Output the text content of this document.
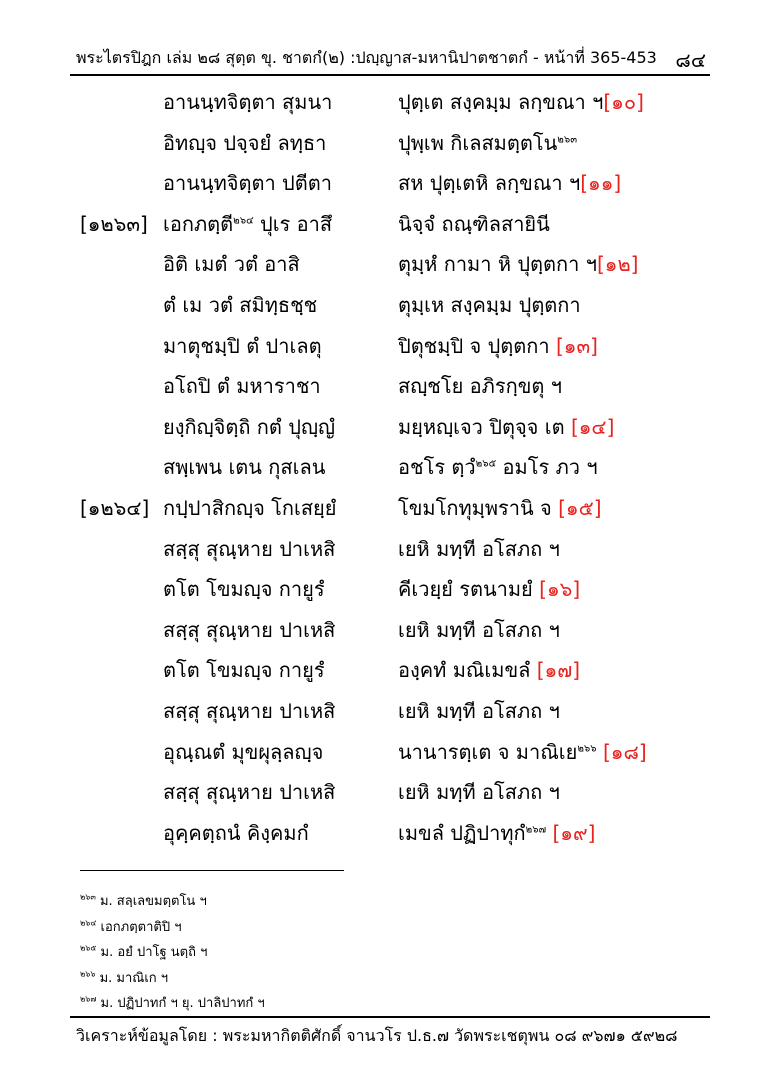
พระไตรปิฎก เล่ม ๒๘ สุตฺต ขุ. ชาตกํ(๒) :ปญฺญาส-มหานิปาตชาตกํ - หน้าที่ 365-453 ๘๔
อานนฺทจิตฺตา สุมนา	ปุตฺเต สงฺคมฺม ลกฺขณา ฯ[๑๐]
อิทญฺจ ปจฺจยํ ลทฺธา	ปุพฺเพ กิเลสมตฺตโน$^{๒๖๓}$
อานนฺทจิตฺตา ปตีตา	สห ปุตฺเตหิ ลกฺขณา ฯ[๑๑]
[๑๒๖๓] เอกภตฺตี$^{๒๖๔}$ ปุเร อาสึ	นิจฺจํ ถณฺฑิลสายินี
อิติ เมตํ วตํ อาสิ	ตุมฺหํ กามา หิ ปุตฺตกา ฯ[๑๒]
ตํ เม วตํ สมิทฺธชฺช	ตุมฺเห สงฺคมฺม ปุตฺตกา
มาตุชมฺปิ ตํ ปาเลตุ	ปิตุชมฺปิ จ ปุตฺตกา [๑๓]
อโถปิ ตํ มหาราชา	สญฺชโย อภิรกฺขตุ ฯ
ยงฺกิญฺจิตฺถิ กตํ ปุญฺญํ	มยฺหญฺเจว ปิตุจฺจ เต [๑๔]
สพฺเพน เตน กุสเลน	อชโร ตฺวํ$^{๒๖๕}$ อมโร ภว ฯ
[๑๒๖๔] กปฺปาสิกญฺจ โกเสยฺยํ	โขมโกทุมฺพรานิ จ [๑๕]
สสฺสุ สุณฺหาย ปาเหสิ	เยหิ มทฺที อโสภถ ฯ
ตโต โขมญฺจ กายูรํ	คีเวยฺยํ รตนามยํ [๑๖]
สสฺสุ สุณฺหาย ปาเหสิ	เยหิ มทฺที อโสภถ ฯ
ตโต โขมญฺจ กายูรํ	องฺคทํ มณิเมขลํ [๑๗]
สสฺสุ สุณฺหาย ปาเหสิ	เยหิ มทฺที อโสภถ ฯ
อุณฺณตํ มุขผุลฺลญฺจ	นานารตฺเต จ มาณิเย$^{๒๖๖}$ [๑๘]
สสฺสุ สุณฺหาย ปาเหสิ	เยหิ มทฺที อโสภถ ฯ
อุคฺคตฺถนํ คิงฺคมกํ	เมขลํ ปฏิปาทุกํ$^{๒๖๗}$ [๑๙]
$^{๒๖๓}$ ม. สลฺเลขมตฺตโน ฯ
$^{๒๖๔}$ เอกภตฺตาติปิ ฯ
$^{๒๖๕}$ ม. อยํ ปาโฐ นตฺถิ ฯ
$^{๒๖๖}$ ม. มาณิเก ฯ
$^{๒๖๗}$ ม. ปฏิปาทกํ ฯ ยุ. ปาลิปาทกํ ฯ
วิเคราะห์ข้อมูลโดย : พระมหากิตติศักดิ์ จานวโร ป.ธ.๗ วัดพระเชตุพน ๐๘ ๙๖๗๑ ๕๙๒๘
